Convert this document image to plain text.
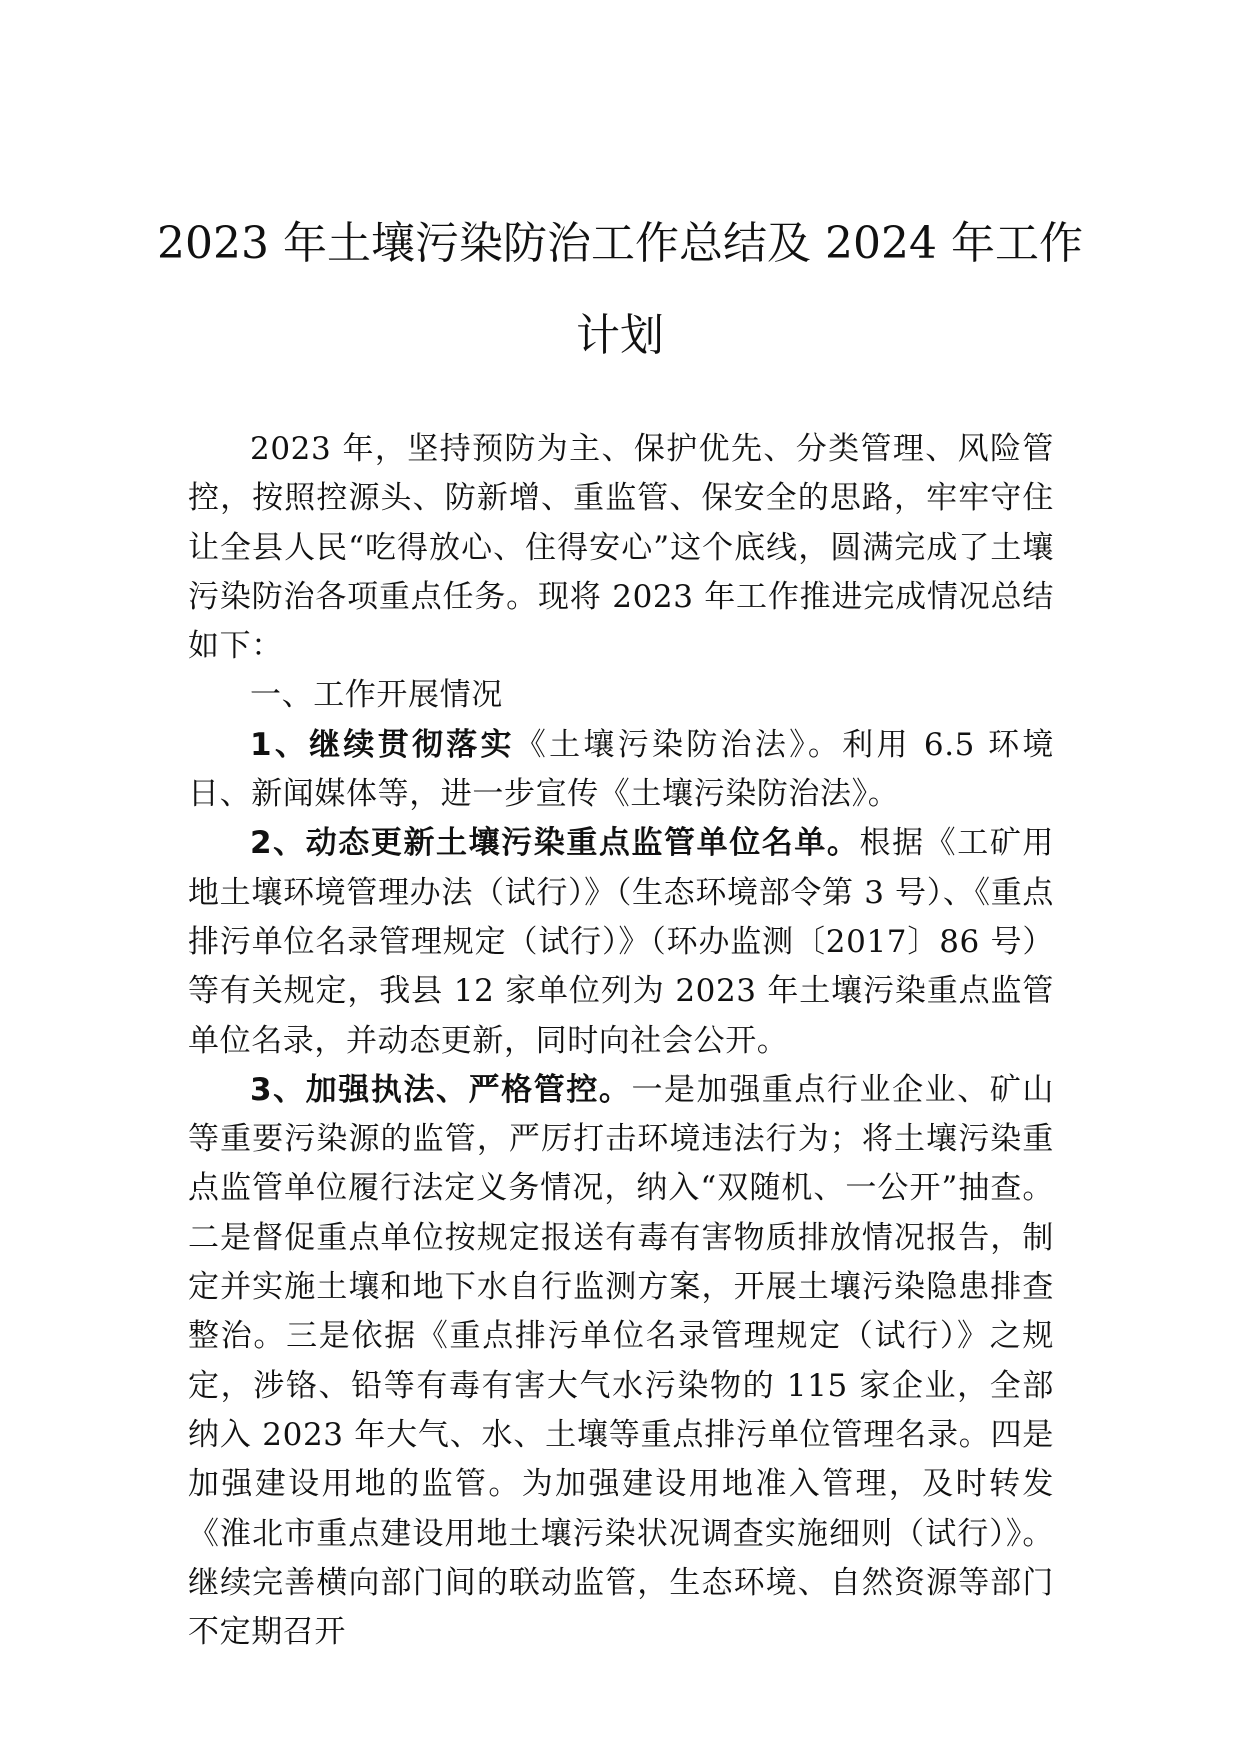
2023 年土壤污染防治工作总结及 2024 年工作计划

2023 年，坚持预防为主、保护优先、分类管理、风险管控，按照控源头、防新增、重监管、保安全的思路，牢牢守住让全县人民“吃得放心、住得安心”这个底线，圆满完成了土壤污染防治各项重点任务。现将 2023 年工作推进完成情况总结如下：

一、工作开展情况

1、继续贯彻落实《土壤污染防治法》。利用 6.5 环境日、新闻媒体等，进一步宣传《土壤污染防治法》。

2、动态更新土壤污染重点监管单位名单。根据《工矿用地土壤环境管理办法（试行）》（生态环境部令第 3 号）、《重点排污单位名录管理规定（试行）》（环办监测〔2017〕86 号）等有关规定，我县 12 家单位列为 2023 年土壤污染重点监管单位名录，并动态更新，同时向社会公开。

3、加强执法、严格管控。一是加强重点行业企业、矿山等重要污染源的监管，严厉打击环境违法行为；将土壤污染重点监管单位履行法定义务情况，纳入“双随机、一公开”抽查。二是督促重点单位按规定报送有毒有害物质排放情况报告，制定并实施土壤和地下水自行监测方案，开展土壤污染隐患排查整治。三是依据《重点排污单位名录管理规定（试行）》之规定，涉铬、铅等有毒有害大气水污染物的 115 家企业，全部纳入 2023 年大气、水、土壤等重点排污单位管理名录。四是加强建设用地的监管。为加强建设用地准入管理，及时转发《淮北市重点建设用地土壤污染状况调查实施细则（试行）》。继续完善横向部门间的联动监管，生态环境、自然资源等部门不定期召开
